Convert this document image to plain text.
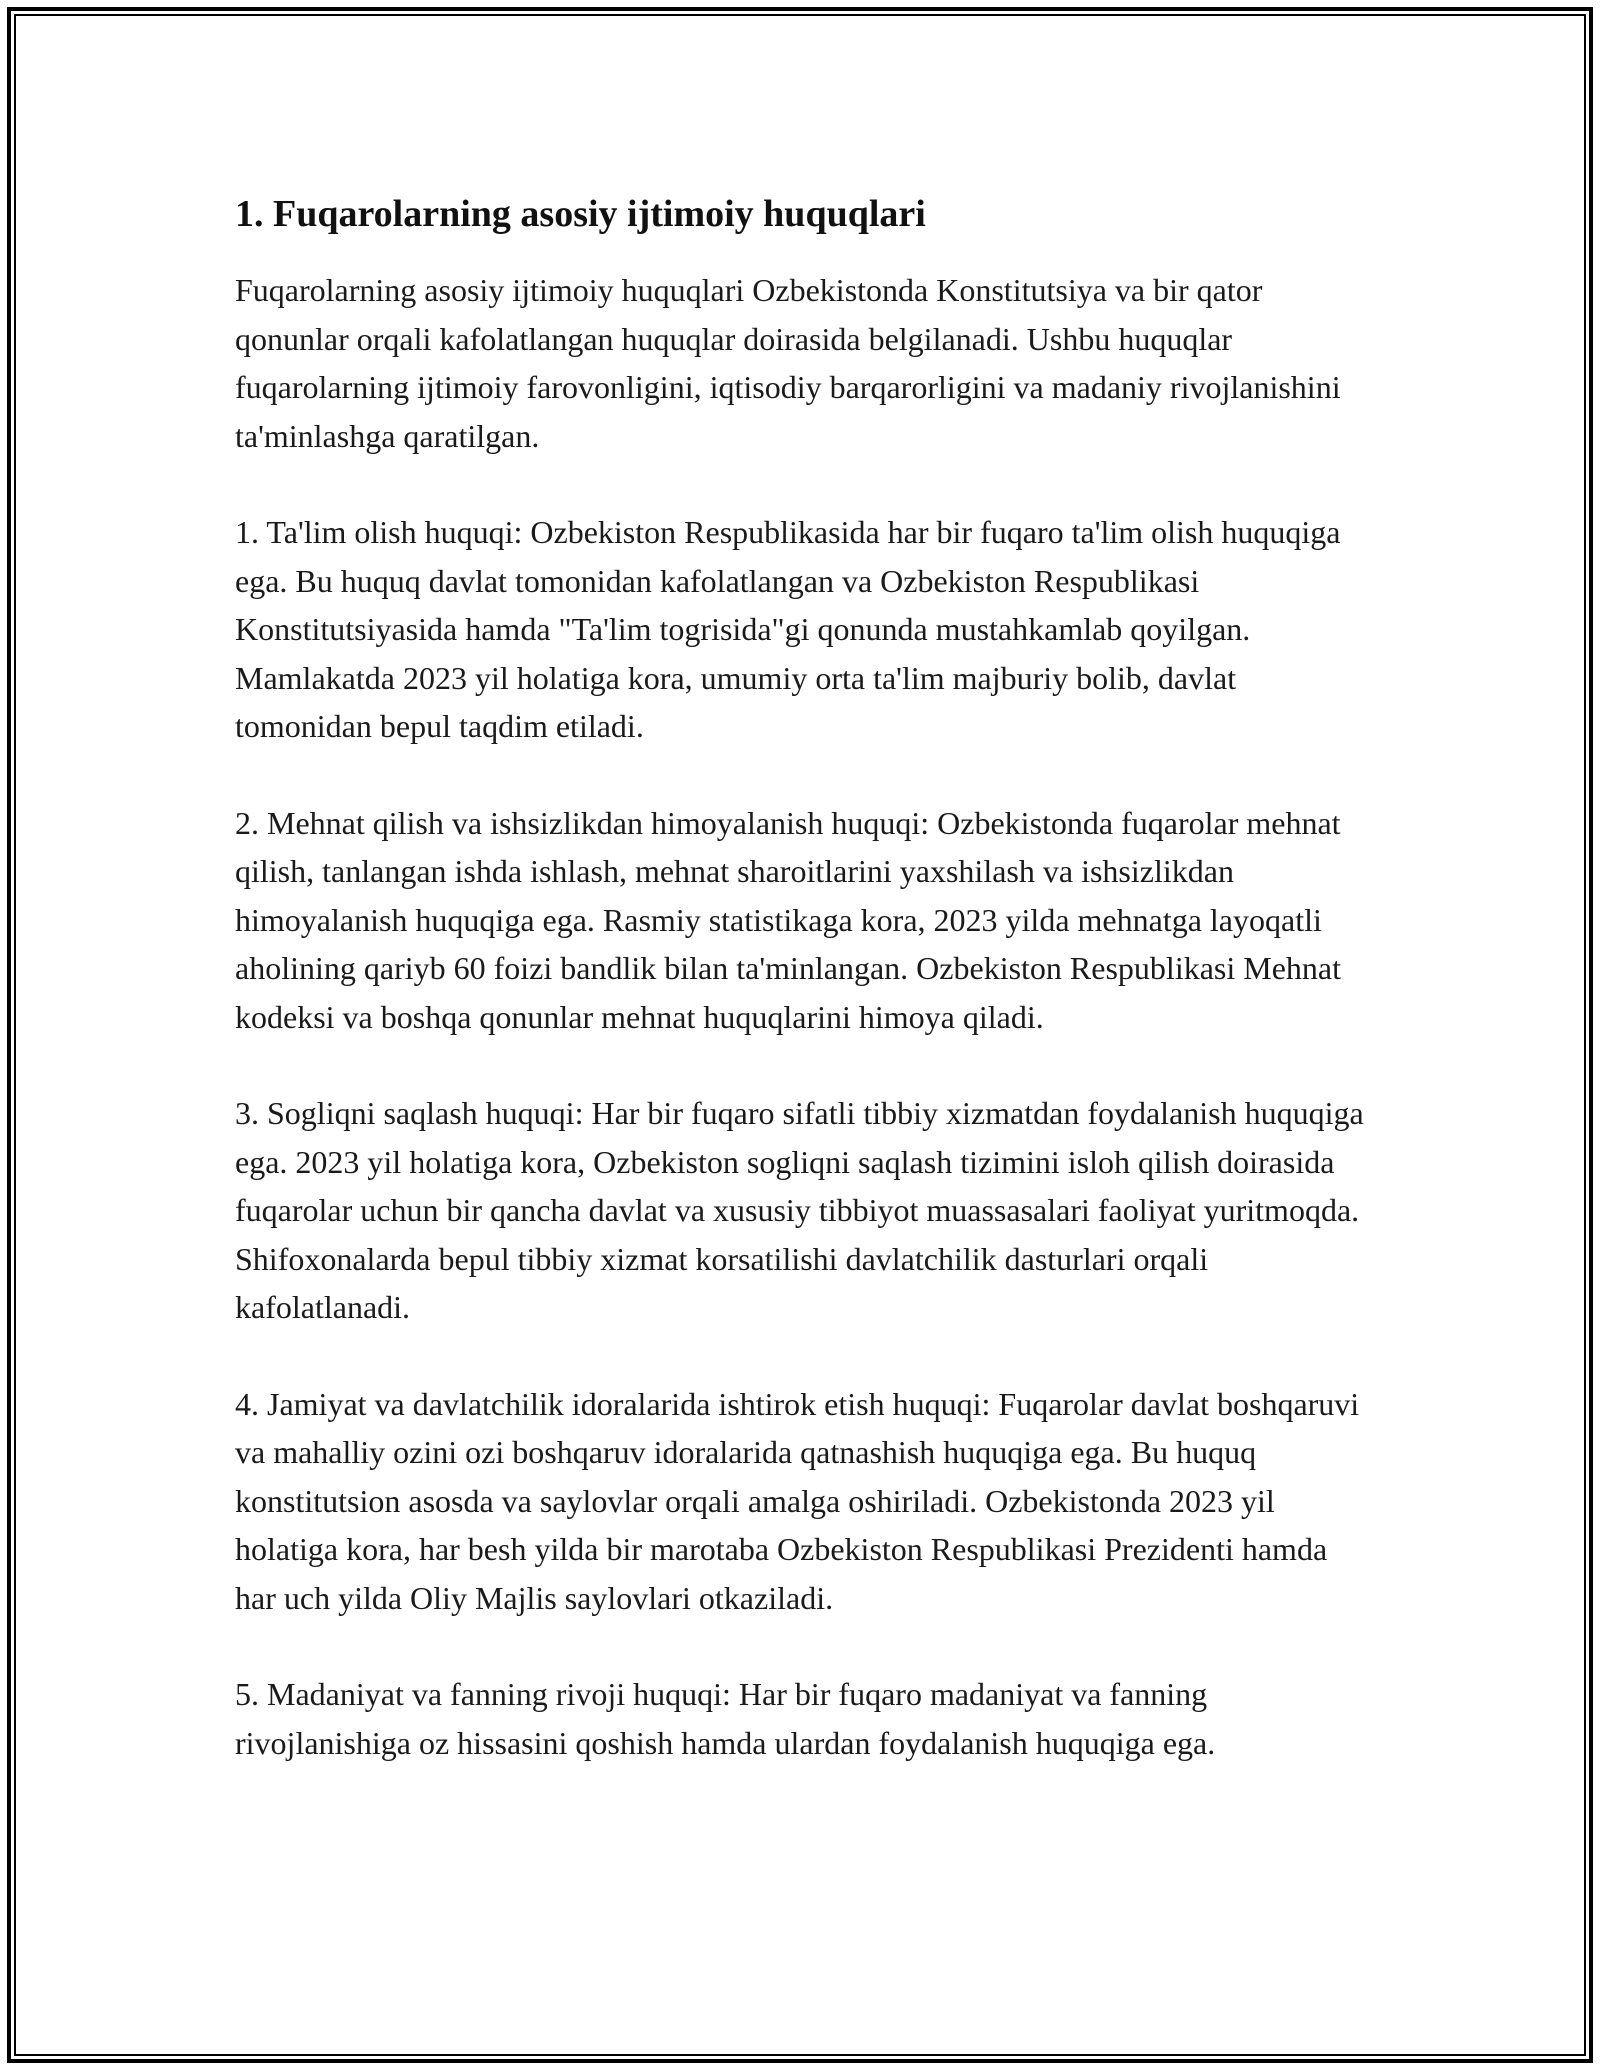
1. Fuqarolarning asosiy ijtimoiy huquqlari

Fuqarolarning asosiy ijtimoiy huquqlari Ozbekistonda Konstitutsiya va bir qator qonunlar orqali kafolatlangan huquqlar doirasida belgilanadi. Ushbu huquqlar fuqarolarning ijtimoiy farovonligini, iqtisodiy barqarorligini va madaniy rivojlanishini ta'minlashga qaratilgan.

1. Ta'lim olish huquqi: Ozbekiston Respublikasida har bir fuqaro ta'lim olish huquqiga ega. Bu huquq davlat tomonidan kafolatlangan va Ozbekiston Respublikasi Konstitutsiyasida hamda "Ta'lim togrisida"gi qonunda mustahkamlab qoyilgan. Mamlakatda 2023 yil holatiga kora, umumiy orta ta'lim majburiy bolib, davlat tomonidan bepul taqdim etiladi.

2. Mehnat qilish va ishsizlikdan himoyalanish huquqi: Ozbekistonda fuqarolar mehnat qilish, tanlangan ishda ishlash, mehnat sharoitlarini yaxshilash va ishsizlikdan himoyalanish huquqiga ega. Rasmiy statistikaga kora, 2023 yilda mehnatga layoqatli aholining qariyb 60 foizi bandlik bilan ta'minlangan. Ozbekiston Respublikasi Mehnat kodeksi va boshqa qonunlar mehnat huquqlarini himoya qiladi.

3. Sogliqni saqlash huquqi: Har bir fuqaro sifatli tibbiy xizmatdan foydalanish huquqiga ega. 2023 yil holatiga kora, Ozbekiston sogliqni saqlash tizimini isloh qilish doirasida fuqarolar uchun bir qancha davlat va xususiy tibbiyot muassasalari faoliyat yuritmoqda. Shifoxonalarda bepul tibbiy xizmat korsatilishi davlatchilik dasturlari orqali kafolatlanadi.

4. Jamiyat va davlatchilik idoralarida ishtirok etish huquqi: Fuqarolar davlat boshqaruvi va mahalliy ozini ozi boshqaruv idoralarida qatnashish huquqiga ega. Bu huquq konstitutsion asosda va saylovlar orqali amalga oshiriladi. Ozbekistonda 2023 yil holatiga kora, har besh yilda bir marotaba Ozbekiston Respublikasi Prezidenti hamda har uch yilda Oliy Majlis saylovlari otkaziladi.

5. Madaniyat va fanning rivoji huquqi: Har bir fuqaro madaniyat va fanning rivojlanishiga oz hissasini qoshish hamda ulardan foydalanish huquqiga ega.
